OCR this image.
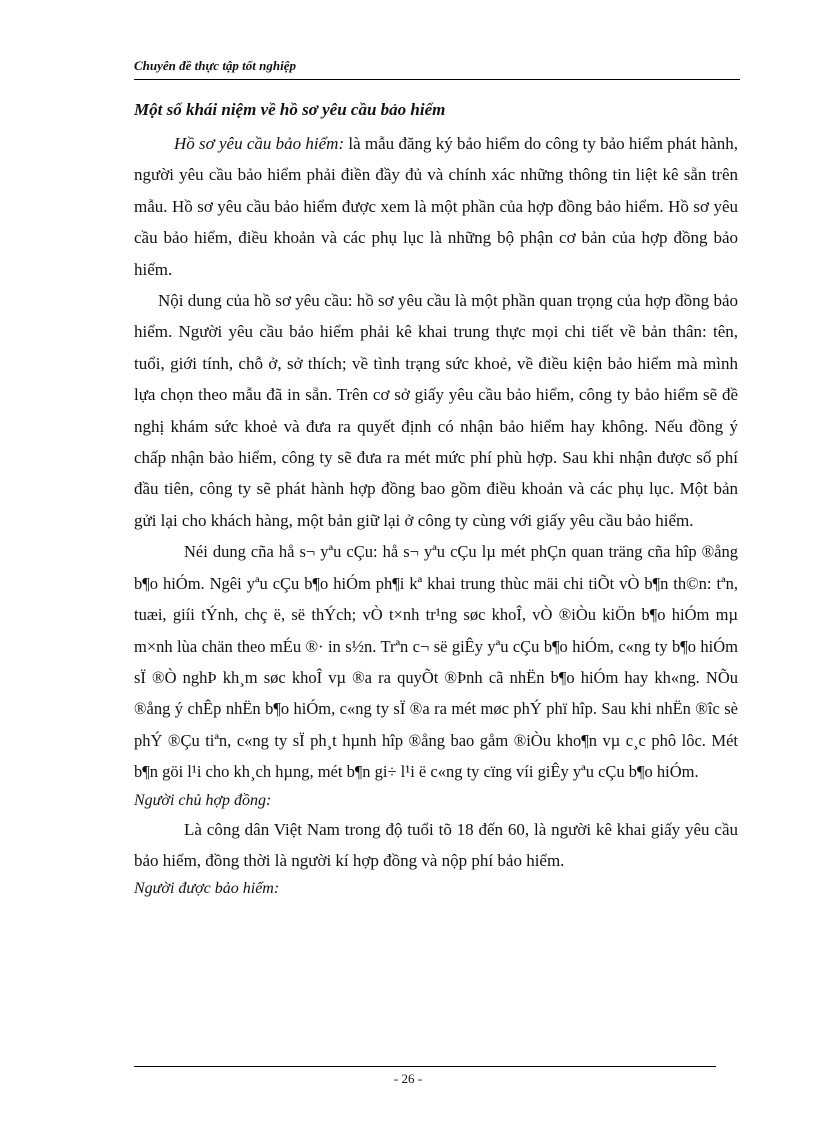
Chuyên đề thực tập tốt nghiệp
Một số khái niệm về hồ sơ yêu cầu bảo hiểm

Hồ sơ yêu cầu bảo hiểm: là mẫu đăng ký bảo hiểm do công ty bảo hiểm phát hành, người yêu cầu bảo hiểm phải điền đầy đủ và chính xác những thông tin liệt kê sẵn trên mẫu. Hồ sơ yêu cầu bảo hiểm được xem là một phần của hợp đồng bảo hiểm. Hồ sơ yêu cầu bảo hiểm, điều khoản và các phụ lục là những bộ phận cơ bản của hợp đồng bảo hiểm.

Nội dung của hồ sơ yêu cầu: hồ sơ yêu cầu là một phần quan trọng của hợp đồng bảo hiểm. Người yêu cầu bảo hiểm phải kê khai trung thực mọi chi tiết về bản thân: tên, tuổi, giới tính, chỗ ở, sở thích; về tình trạng sức khoẻ, về điều kiện bảo hiểm mà mình lựa chọn theo mẫu đã in sẵn. Trên cơ sở giấy yêu cầu bảo hiểm, công ty bảo hiểm sẽ đề nghị khám sức khoẻ và đưa ra quyết định có nhận bảo hiểm hay không. Nếu đồng ý chấp nhận bảo hiểm, công ty sẽ đưa ra mét mức phí phù hợp. Sau khi nhận được số phí đầu tiên, công ty sẽ phát hành hợp đồng bao gồm điều khoản và các phụ lục. Một bản gửi lại cho khách hàng, một bản giữ lại ở công ty cùng với giấy yêu cầu bảo hiểm.

Néi dung cña hå s¬ yªu cÇu: hå s¬ yªu cÇu lµ mét phÇn quan träng cña hîp ®ång b¶o hiÓm. Ngêi yªu cÇu b¶o hiÓm ph¶i kª khai trung thùc mäi chi tiÕt vÒ b¶n th©n: tªn, tuæi, giíi tÝnh, chç ë, së thÝch; vÒ t×nh tr¹ng søc khoÎ, vÒ ®iÒu kiÖn b¶o hiÓm mµ m×nh lùa chän theo mÉu ®· in s½n. Trªn c¬ së giÊy yªu cÇu b¶o hiÓm, c«ng ty b¶o hiÓm sÏ ®Ò nghÞ kh¸m søc khoÎ vµ ®a ra quyÕt ®Þnh cã nhËn b¶o hiÓm hay kh«ng. NÕu ®ång ý chÊp nhËn b¶o hiÓm, c«ng ty sÏ ®a ra mét møc phÝ phï hîp. Sau khi nhËn ®îc sè phÝ ®Çu tiªn, c«ng ty sÏ ph¸t hµnh hîp ®ång bao gåm ®iÒu kho¶n vµ c¸c phô lôc. Mét b¶n göi l¹i cho kh¸ch hµng, mét b¶n gi÷ l¹i ë c«ng ty cïng víi giÊy yªu cÇu b¶o hiÓm.

Người chủ hợp đồng:

Là công dân Việt Nam trong độ tuổi tõ 18 đến 60, là người kê khai giấy yêu cầu bảo hiểm, đồng thời là người kí hợp đồng và nộp phí bảo hiểm.

Người được bảo hiểm:

- 26 -
